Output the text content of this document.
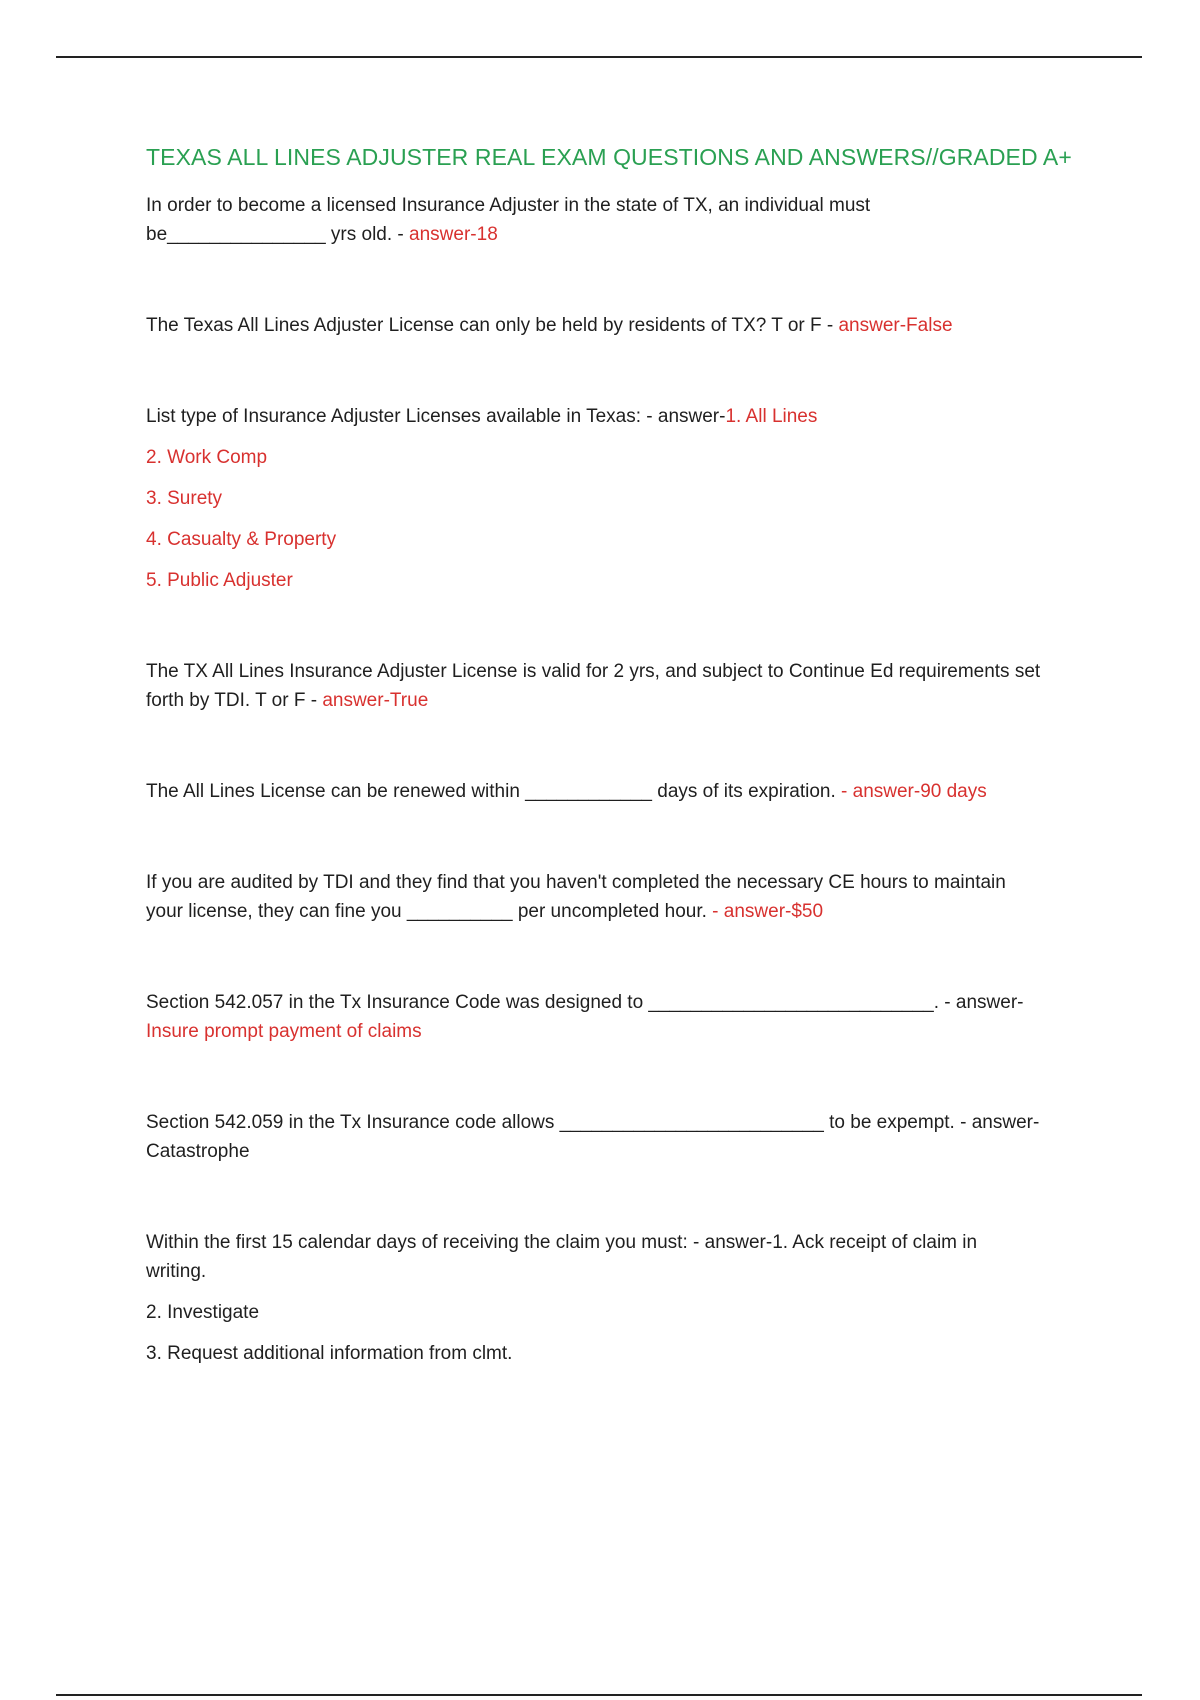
TEXAS ALL LINES ADJUSTER REAL EXAM QUESTIONS AND ANSWERS//GRADED A+

In order to become a licensed Insurance Adjuster in the state of TX, an individual must

be_______________ yrs old. - answer-18

The Texas All Lines Adjuster License can only be held by residents of TX? T or F - answer-False

List type of Insurance Adjuster Licenses available in Texas: - answer-1. All Lines

2. Work Comp

3. Surety

4. Casualty & Property

5. Public Adjuster

The TX All Lines Insurance Adjuster License is valid for 2 yrs, and subject to Continue Ed requirements set

forth by TDI. T or F - answer-True

The All Lines License can be renewed within ____________ days of its expiration. - answer-90 days

If you are audited by TDI and they find that you haven't completed the necessary CE hours to maintain

your license, they can fine you __________ per uncompleted hour. - answer-$50

Section 542.057 in the Tx Insurance Code was designed to ___________________________. - answer-

Insure prompt payment of claims

Section 542.059 in the Tx Insurance code allows _________________________ to be expempt. - answer-

Catastrophe

Within the first 15 calendar days of receiving the claim you must: - answer-1. Ack receipt of claim in

writing.

2. Investigate

3. Request additional information from clmt.
